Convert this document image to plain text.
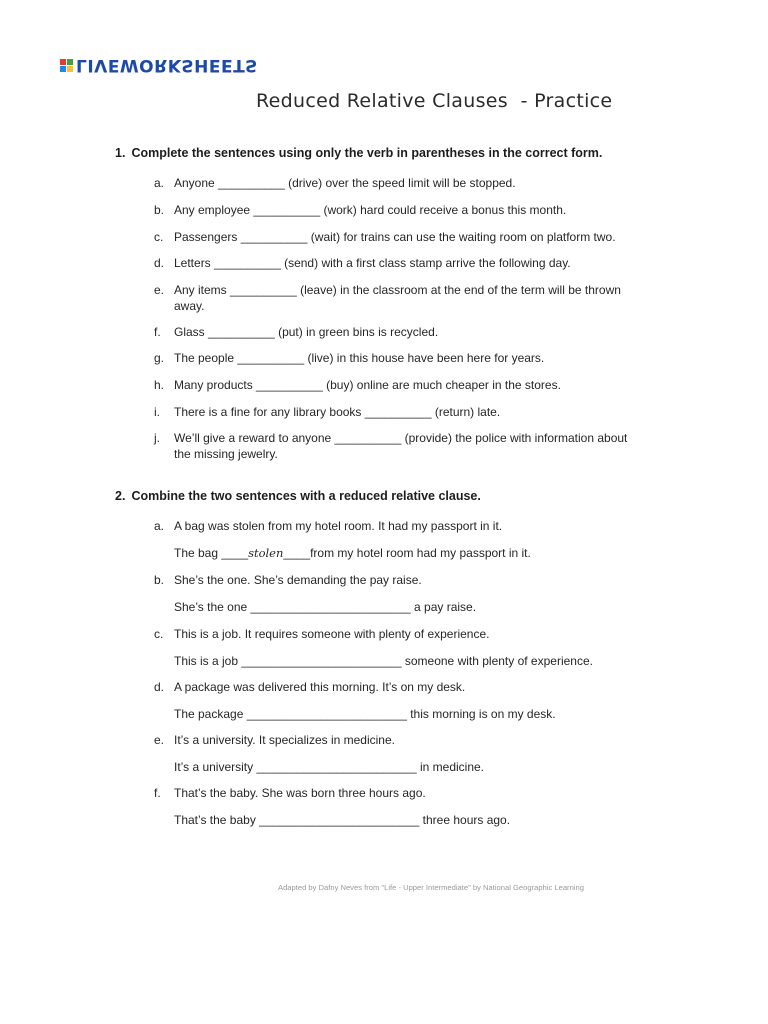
LIVEWORKSHEETS
Reduced Relative Clauses  - Practice
1. Complete the sentences using only the verb in parentheses in the correct form.
a. Anyone __________ (drive) over the speed limit will be stopped.
b. Any employee __________ (work) hard could receive a bonus this month.
c. Passengers __________ (wait) for trains can use the waiting room on platform two.
d. Letters __________ (send) with a first class stamp arrive the following day.
e. Any items __________ (leave) in the classroom at the end of the term will be thrown away.
f.	Glass __________ (put) in green bins is recycled.
g. The people __________ (live) in this house have been here for years.
h. Many products __________ (buy) online are much cheaper in the stores.
i.	There is a fine for any library books __________ (return) late.
j.	We’ll give a reward to anyone __________ (provide) the police with information about the missing jewelry.
2. Combine the two sentences with a reduced relative clause.
a. A bag was stolen from my hotel room. It had my passport in it.
The bag ____stolen____from my hotel room had my passport in it.
b. She’s the one. She’s demanding the pay raise.
She’s the one ________________________ a pay raise.
c. This is a job. It requires someone with plenty of experience.
This is a job ________________________ someone with plenty of experience.
d. A package was delivered this morning. It’s on my desk.
The package ________________________ this morning is on my desk.
e. It’s a university. It specializes in medicine.
It’s a university ________________________ in medicine.
f.	That’s the baby. She was born three hours ago.
That’s the baby ________________________ three hours ago.
Adapted by Dafny Neves from "Life - Upper Intermediate" by National Geographic Learning
